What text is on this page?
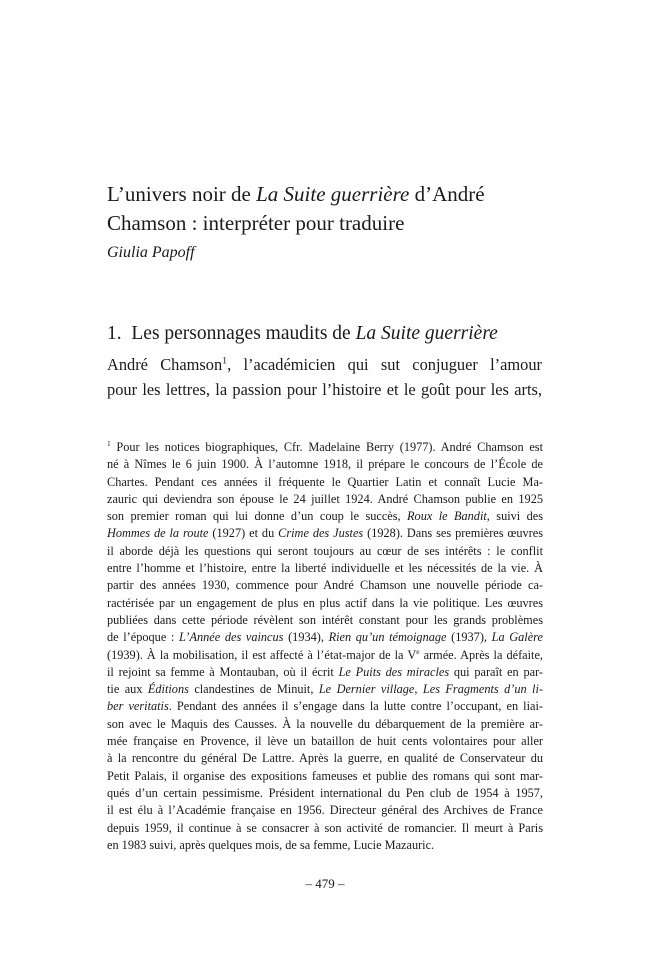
L’univers noir de La Suite guerrière d’André
Chamson : interpréter pour traduire
Giulia Papoff
1. Les personnages maudits de La Suite guerrière
André Chamson$^1$, l’académicien qui sut conjuguer l’amour
pour les lettres, la passion pour l’histoire et le goût pour les arts,
$^1$ Pour les notices biographiques, Cfr. Madelaine Berry (1977). André Chamson est
né à Nîmes le 6 juin 1900. À l’automne 1918, il prépare le concours de l’École de
Chartes. Pendant ces années il fréquente le Quartier Latin et connaît Lucie Ma-
zauric qui deviendra son épouse le 24 juillet 1924. André Chamson publie en 1925
son premier roman qui lui donne d’un coup le succès, Roux le Bandit, suivi des
Hommes de la route (1927) et du Crime des Justes (1928). Dans ses premières œuvres
il aborde déjà les questions qui seront toujours au cœur de ses intérêts : le conflit
entre l’homme et l’histoire, entre la liberté individuelle et les nécessités de la vie. À
partir des années 1930, commence pour André Chamson une nouvelle période ca-
ractérisée par un engagement de plus en plus actif dans la vie politique. Les œuvres
publiées dans cette période révèlent son intérêt constant pour les grands problèmes
de l’époque : L’Année des vaincus (1934), Rien qu’un témoignage (1937), La Galère
(1939). À la mobilisation, il est affecté à l’état-major de la Ve armée. Après la défaite,
il rejoint sa femme à Montauban, où il écrit Le Puits des miracles qui paraît en par-
tie aux Éditions clandestines de Minuit, Le Dernier village, Les Fragments d’un li-
ber veritatis. Pendant des années il s’engage dans la lutte contre l’occupant, en liai-
son avec le Maquis des Causses. À la nouvelle du débarquement de la première ar-
mée française en Provence, il lève un bataillon de huit cents volontaires pour aller
à la rencontre du général De Lattre. Après la guerre, en qualité de Conservateur du
Petit Palais, il organise des expositions fameuses et publie des romans qui sont mar-
qués d’un certain pessimisme. Président international du Pen club de 1954 à 1957,
il est élu à l’Académie française en 1956. Directeur général des Archives de France
depuis 1959, il continue à se consacrer à son activité de romancier. Il meurt à Paris
en 1983 suivi, après quelques mois, de sa femme, Lucie Mazauric.
– 479 –
